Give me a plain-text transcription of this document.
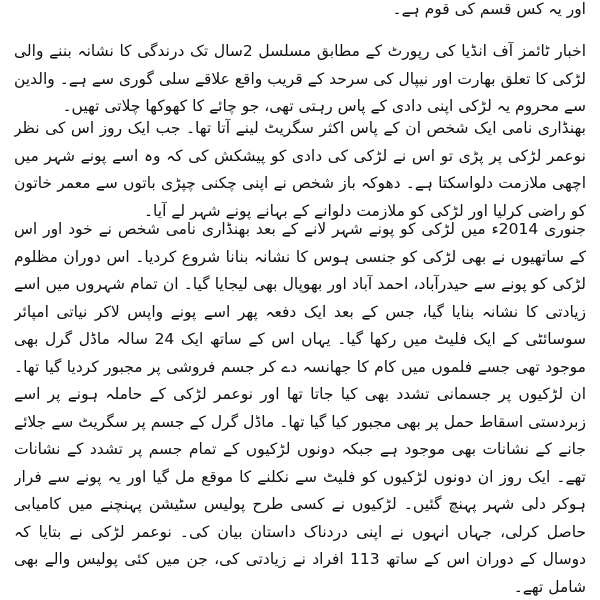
اور یہ کس قسم کی قوم ہے۔

اخبار ٹائمز آف انڈیا کی رپورٹ کے مطابق مسلسل 2سال تک درندگی کا نشانہ بننے والی لڑکی کا تعلق بھارت اور نیپال کی سرحد کے قریب واقع علاقے سلی گوری سے ہے۔ والدین سے محروم یہ لڑکی اپنی دادی کے پاس رہتی تھی، جو چائے کا کھوکھا چلاتی تھیں۔

بھنڈاری نامی ایک شخص ان کے پاس اکثر سگریٹ لینے آتا تھا۔ جب ایک روز اس کی نظر نوعمر لڑکی پر پڑی تو اس نے لڑکی کی دادی کو پیشکش کی کہ وہ اسے پونے شہر میں اچھی ملازمت دلواسکتا ہے۔ دھوکہ باز شخص نے اپنی چکنی چپڑی باتوں سے معمر خاتون کو راضی کرلیا اور لڑکی کو ملازمت دلوانے کے بہانے پونے شہر لے آیا۔

جنوری 2014ء میں لڑکی کو پونے شہر لانے کے بعد بھنڈاری نامی شخص نے خود اور اس کے ساتھیوں نے بھی لڑکی کو جنسی ہوس کا نشانہ بنانا شروع کردیا۔ اس دوران مظلوم لڑکی کو پونے سے حیدرآباد، احمد آباد اور بھوپال بھی لیجایا گیا۔ ان تمام شہروں میں اسے زیادتی کا نشانہ بنایا گیا، جس کے بعد ایک دفعہ پھر اسے پونے واپس لاکر نیاتی امپائر سوسائٹی کے ایک فلیٹ میں رکھا گیا۔ یہاں اس کے ساتھ ایک 24 سالہ ماڈل گرل بھی موجود تھی جسے فلموں میں کام کا جھانسہ دے کر جسم فروشی پر مجبور کردیا گیا تھا۔ ان لڑکیوں پر جسمانی تشدد بھی کیا جاتا تھا اور نوعمر لڑکی کے حاملہ ہونے پر اسے زبردستی اسقاط حمل پر بھی مجبور کیا گیا تھا۔ ماڈل گرل کے جسم پر سگریٹ سے جلائے جانے کے نشانات بھی موجود ہے جبکہ دونوں لڑکیوں کے تمام جسم پر تشدد کے نشانات تھے۔ ایک روز ان دونوں لڑکیوں کو فلیٹ سے نکلنے کا موقع مل گیا اور یہ پونے سے فرار ہوکر دلی شہر پہنچ گئیں۔ لڑکیوں نے کسی طرح پولیس سٹیشن پہنچنے میں کامیابی حاصل کرلی، جہاں انہوں نے اپنی دردناک داستان بیان کی۔ نوعمر لڑکی نے بتایا کہ دوسال کے دوران اس کے ساتھ 113 افراد نے زیادتی کی، جن میں کئی پولیس والے بھی شامل تھے۔
